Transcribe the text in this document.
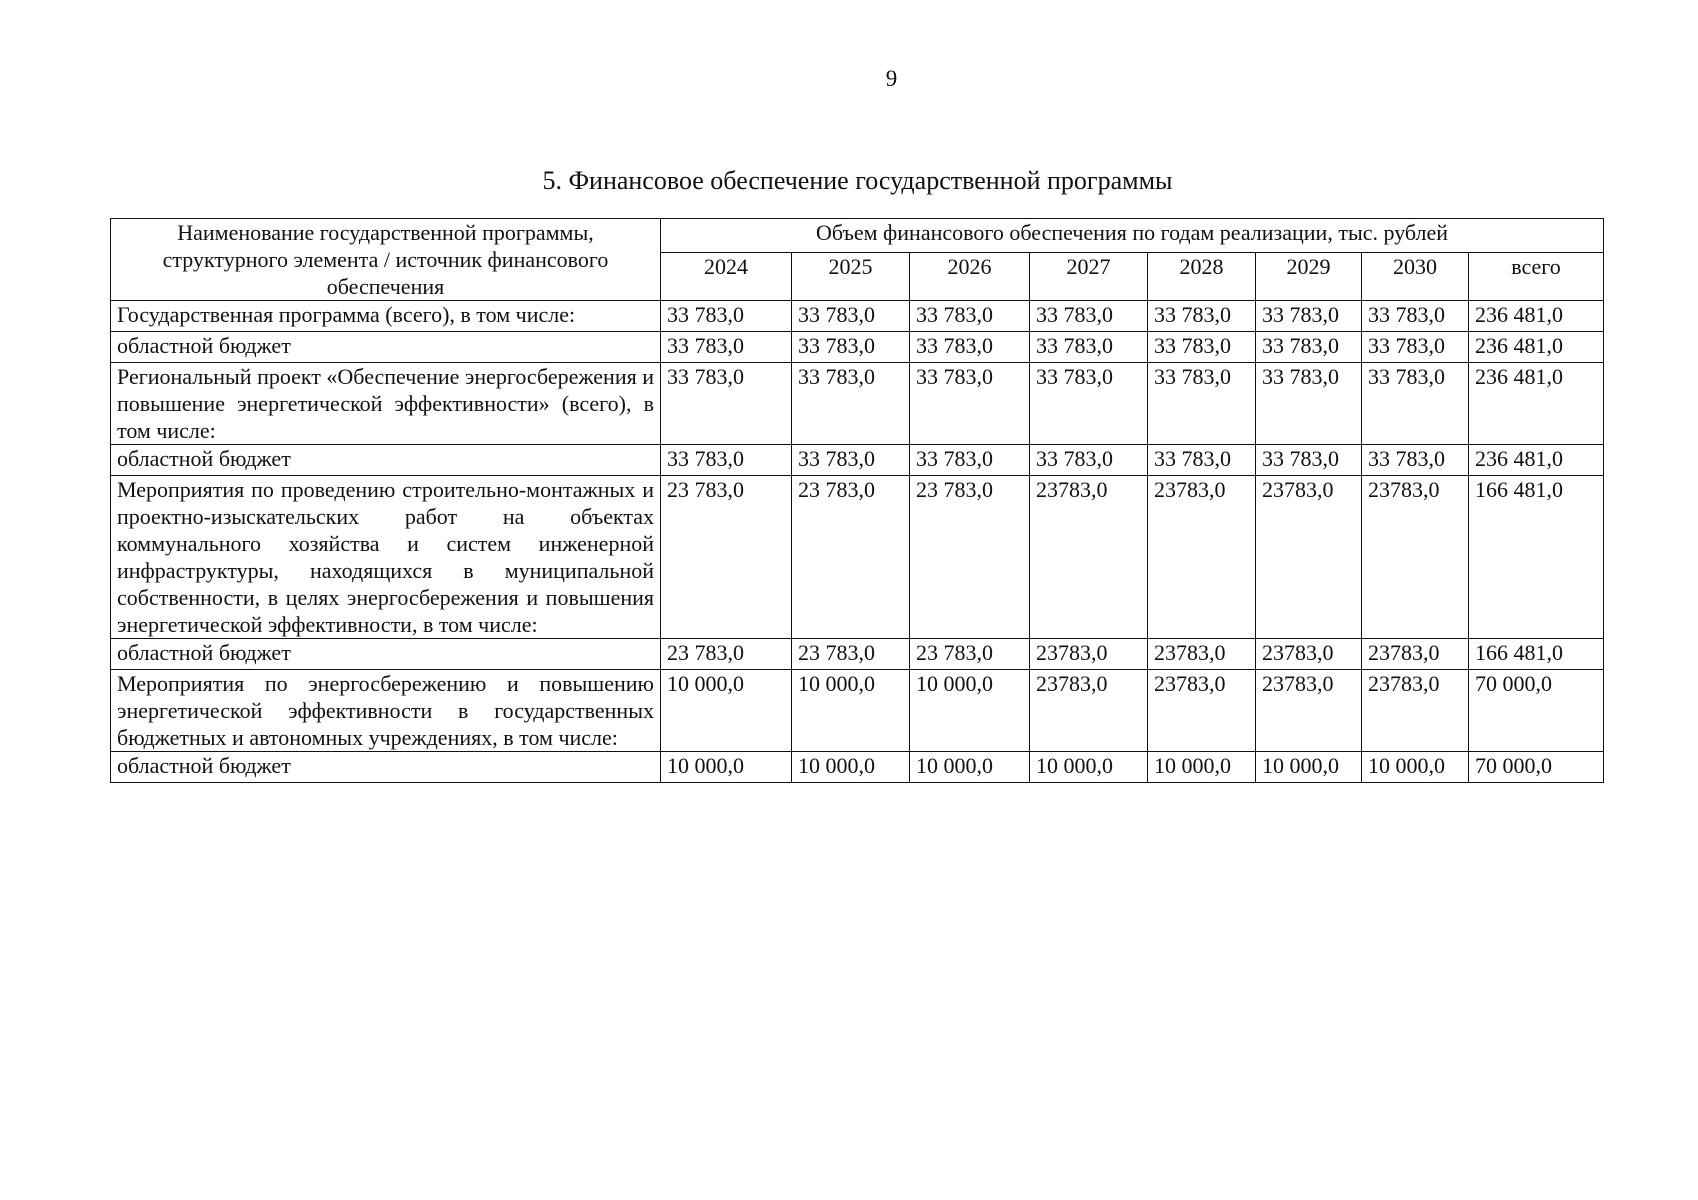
9
5. Финансовое обеспечение государственной программы
Наименование государственной программы, структурного элемента / источник финансового обеспечения	Объем финансового обеспечения по годам реализации, тыс. рублей							
	2024	2025	2026	2027	2028	2029	2030	всего
Государственная программа (всего), в том числе:	33 783,0	33 783,0	33 783,0	33 783,0	33 783,0	33 783,0	33 783,0	236 481,0
областной бюджет	33 783,0	33 783,0	33 783,0	33 783,0	33 783,0	33 783,0	33 783,0	236 481,0
Региональный проект «Обеспечение энергосбережения и повышение энергетической эффективности» (всего), в том числе:	33 783,0	33 783,0	33 783,0	33 783,0	33 783,0	33 783,0	33 783,0	236 481,0
областной бюджет	33 783,0	33 783,0	33 783,0	33 783,0	33 783,0	33 783,0	33 783,0	236 481,0
Мероприятия по проведению строительно-монтажных и проектно-изыскательских работ на объектах коммунального хозяйства и систем инженерной инфраструктуры, находящихся в муниципальной собственности, в целях энергосбережения и повышения энергетической эффективности, в том числе:	23 783,0	23 783,0	23 783,0	23783,0	23783,0	23783,0	23783,0	166 481,0
областной бюджет	23 783,0	23 783,0	23 783,0	23783,0	23783,0	23783,0	23783,0	166 481,0
Мероприятия по энергосбережению и повышению энергетической эффективности в государственных бюджетных и автономных учреждениях, в том числе:	10 000,0	10 000,0	10 000,0	23783,0	23783,0	23783,0	23783,0	70 000,0
областной бюджет	10 000,0	10 000,0	10 000,0	10 000,0	10 000,0	10 000,0	10 000,0	70 000,0
